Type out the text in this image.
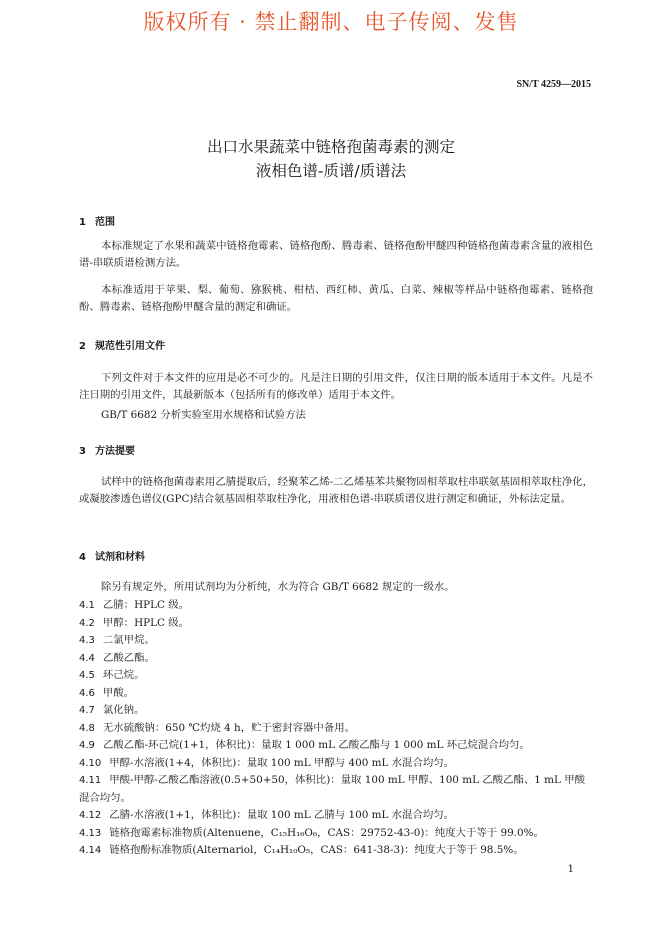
版权所有 · 禁止翻制、电子传阅、发售
SN/T 4259—2015
出口水果蔬菜中链格孢菌毒素的测定
液相色谱-质谱/质谱法
1 范围

本标准规定了水果和蔬菜中链格孢霉素、链格孢酚、腾毒素、链格孢酚甲醚四种链格孢菌毒素含量的液相色谱-串联质谱检测方法。

本标准适用于苹果、梨、葡萄、猕猴桃、柑桔、西红柿、黄瓜、白菜、辣椒等样品中链格孢霉素、链格孢酚、腾毒素、链格孢酚甲醚含量的测定和确证。

2 规范性引用文件

下列文件对于本文件的应用是必不可少的。凡是注日期的引用文件，仅注日期的版本适用于本文件。凡是不注日期的引用文件，其最新版本（包括所有的修改单）适用于本文件。

GB/T 6682 分析实验室用水规格和试验方法
3 方法提要

试样中的链格孢菌毒素用乙腈提取后，经聚苯乙烯-二乙烯基苯共聚物固相萃取柱串联氨基固相萃取柱净化，或凝胶渗透色谱仪(GPC)结合氨基固相萃取柱净化，用液相色谱-串联质谱仪进行测定和确证，外标法定量。

4 试剂和材料

除另有规定外，所用试剂均为分析纯，水为符合 GB/T 6682 规定的一级水。

4.1 乙腈：HPLC 级。

4.2 甲醇：HPLC 级。

4.3 二氯甲烷。

4.4 乙酸乙酯。

4.5 环己烷。

4.6 甲酸。

4.7 氯化钠。

4.8 无水硫酸钠：650 ℃灼烧 4 h，贮于密封容器中备用。

4.9 乙酸乙酯-环己烷(1+1，体积比)：量取 1 000 mL 乙酸乙酯与 1 000 mL 环己烷混合均匀。

4.10 甲醇-水溶液(1+4，体积比)：量取 100 mL 甲醇与 400 mL 水混合均匀。

4.11 甲酸-甲醇-乙酸乙酯溶液(0.5+50+50，体积比)：量取 100 mL 甲醇、100 mL 乙酸乙酯、1 mL 甲酸混合均匀。

4.12 乙腈-水溶液(1+1，体积比)：量取 100 mL 乙腈与 100 mL 水混合均匀。

4.13 链格孢霉素标准物质(Altenuene，C₁₅H₁₆O₆，CAS：29752-43-0)：纯度大于等于 99.0%。

4.14 链格孢酚标准物质(Alternariol，C₁₄H₁₀O₅，CAS：641-38-3)：纯度大于等于 98.5%。

1
